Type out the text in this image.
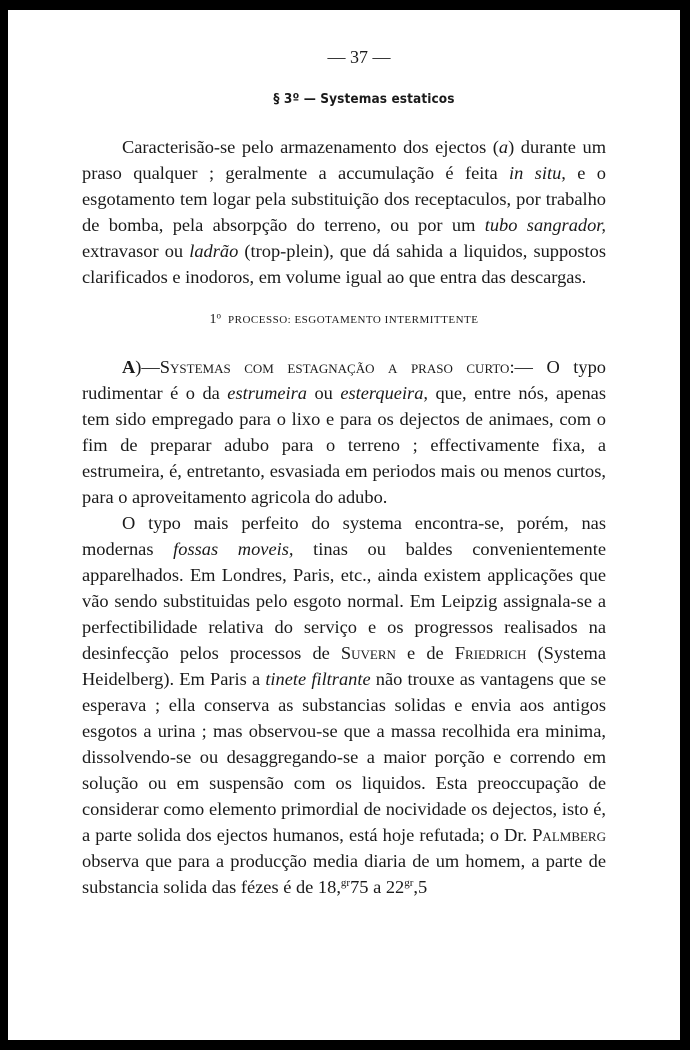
— 37 —
§ 3º — Systemas estaticos

Caracterisão-se pelo armazenamento dos ejectos (a) durante um praso qualquer ; geralmente a accumulação é feita in situ, e o esgotamento tem logar pela substituição dos receptaculos, por trabalho de bomba, pela absorpção do terreno, ou por um tubo sangrador, extravasor ou ladrão (trop-plein), que dá sahida a liquidos, suppostos clarificados e inodoros, em volume igual ao que entra das descargas.

1$^o$ PROCESSO: ESGOTAMENTO INTERMITTENTE

A)—Systemas com estagnação a praso curto:— O typo rudimentar é o da estrumeira ou esterqueira, que, entre nós, apenas tem sido empregado para o lixo e para os dejectos de animaes, com o fim de preparar adubo para o terreno ; effectivamente fixa, a estrumeira, é, entretanto, esvasiada em periodos mais ou menos curtos, para o aproveitamento agricola do adubo.

O typo mais perfeito do systema encontra-se, porém, nas modernas fossas moveis, tinas ou baldes convenientemente apparelhados. Em Londres, Paris, etc., ainda existem applicações que vão sendo substituidas pelo esgoto normal. Em Leipzig assignala-se a perfectibilidade relativa do serviço e os progressos realisados na desinfecção pelos processos de Suvern e de Friedrich (Systema Heidelberg). Em Paris a tinete filtrante não trouxe as vantagens que se esperava ; ella conserva as substancias solidas e envia aos antigos esgotos a urina ; mas observou-se que a massa recolhida era minima, dissolvendo-se ou desaggregando-se a maior porção e correndo em solução ou em suspensão com os liquidos. Esta preoccupação de considerar como elemento primordial de nocividade os dejectos, isto é, a parte solida dos ejectos humanos, está hoje refutada; o Dr. Palmberg observa que para a producção media diaria de um homem, a parte de substancia solida das fézes é de 18,$^{gr}$75 a $22^{gr},5$
